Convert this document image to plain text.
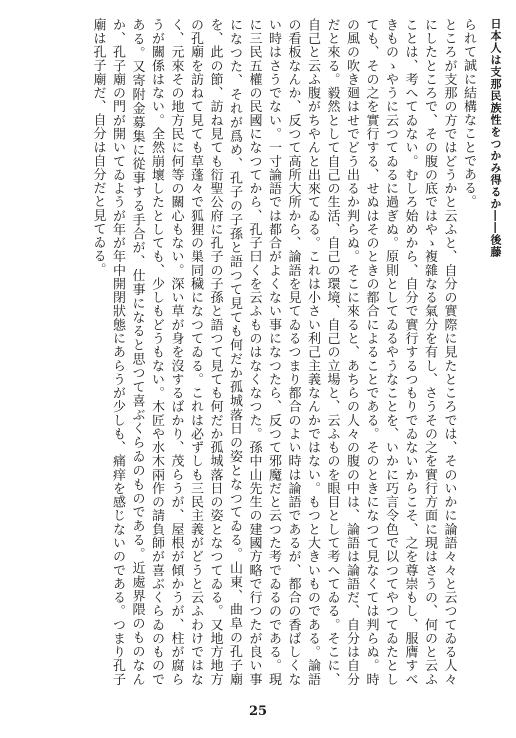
日本人は支那民族性をつかみ得るか――後藤

られて誠に結構なことである。

ところが支那の方ではどうかと云ふと、自分の實際に見たところでは、そのいかに論語々々と云つてゐる人々にしたところで、その腹の底ではやゝ複雜なる氣分を有し、さうその之を實行方面に現はさうの、何のと云ふことは、考へてゐない。むしろ始めから、自分で實行するつもりでゐないからこそ、之を尊崇もし、服膺すべきものゝやうに云つてゐるに過ぎぬ。原則としてゐるやうなことを、いかに巧言令色で以つてやつてゐたとしても、その之を實行する、せぬはそのときの都合によることである。そのときになつて見なくては判らぬ。時の風の吹き廻はせでどう出るか判らぬ。そこに來ると、あちらの人々の腹の中は、論語は論語だ、自分は自分だと來る。毅然として自己の生活、自己の環境、自己の立場と、云ふものを眼目として考へてゐる。そこに、自己と云ふ腹がちやんと出來てゐる。これは小さい利己主義なんかではない。もつと大きいものである。論語の看板なんか、反つて高所大所から、論語を見てゐるつまり都合のよい時は論語であるが、都合の香ばしくない時はさうでない。一寸論語では都合がよくない事になつたら、反つて邪魔だと云つた考でゐるのである。現に三民五權の民國になつてから、孔子曰くを云ふものはなくなつた。孫中山先生の建國方略で行つたが良い事になつた、それが爲め、孔子の子孫と語つて見ても何だか孤城落日の姿となつてゐる。山東、曲阜の孔子廟を、此の節、訪ね見ても衍聖公府に孔子の子孫と語つて見ても何だか孤城落日の姿となつてゐる。又地方地方の孔廟を訪ねて見ても草蓬々で狐狸の巣同穢になつてゐる。これは必ずしも三民主義がどうと云ふわけではなく、元來その地方民に何等の關心もない。深い草が身を沒するばかり、茂らうが、屋根が傾かうが、柱が腐らうが關係はない。全然崩壞したとしても、少しもどうもない。木匠や水木兩作の請負師が喜ぶくらゐのものである。又寄附金募集に從事する手合が、仕事になると思つて喜ぶくらゐのものである。近處界隈のものなんか、孔子廟の門が開いてゐようが年が年中開閉狀態にあらうが少しも、痛痒を感じないのである。つまり孔子廟は孔子廟だ、自分は自分だと見てゐる。

25
